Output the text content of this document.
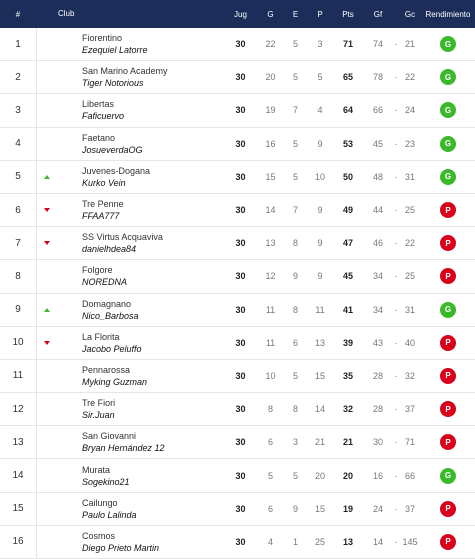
#	Club	Jug	G	E	P	Pts	Gf	Gc	Rendimiento
1
Fiorentino
Ezequiel Latorre
30	22	5	3	71	74	- 21	G
2
San Marino Academy
Tiger Notorious
30	20	5	5	65	78	- 22	G
3
Libertas
Faficuervo
30	19	7	4	64	66	- 24	G
4
Faetano
JosueverdaOG
30	16	5	9	53	45	- 23	G
5
Juvenes-Dogana
Kurko Vein
30	15	5	10	50	48	- 31	G
6
Tre Penne
FFAA777
30	14	7	9	49	44	- 25	P
7
SS Virtus Acquaviva
danielhdea84
30	13	8	9	47	46	- 22	P
8
Folgore
NOREDNA
30	12	9	9	45	34	- 25	P
9
Domagnano
Nico_Barbosa
30	11	8	11	41	34	- 31	G
10
La Florita
Jacobo Peluffo
30	11	6	13	39	43	- 40	P
11
Pennarossa
Myking Guzman
30	10	5	15	35	28	- 32	P
12
Tre Fiori
Sir.Juan
30	8	8	14	32	28	- 37	P
13
San Giovanni
Bryan Hernández 12
30	6	3	21	21	30	- 71	P
14
Murata
Sogekino21
30	5	5	20	20	16	- 66	G
15
Cailungo
Paulo Lalinda
30	6	9	15	19	24	- 37	P
16
Cosmos
Diego Prieto Martin
30	4	1	25	13	14	- 145	P
